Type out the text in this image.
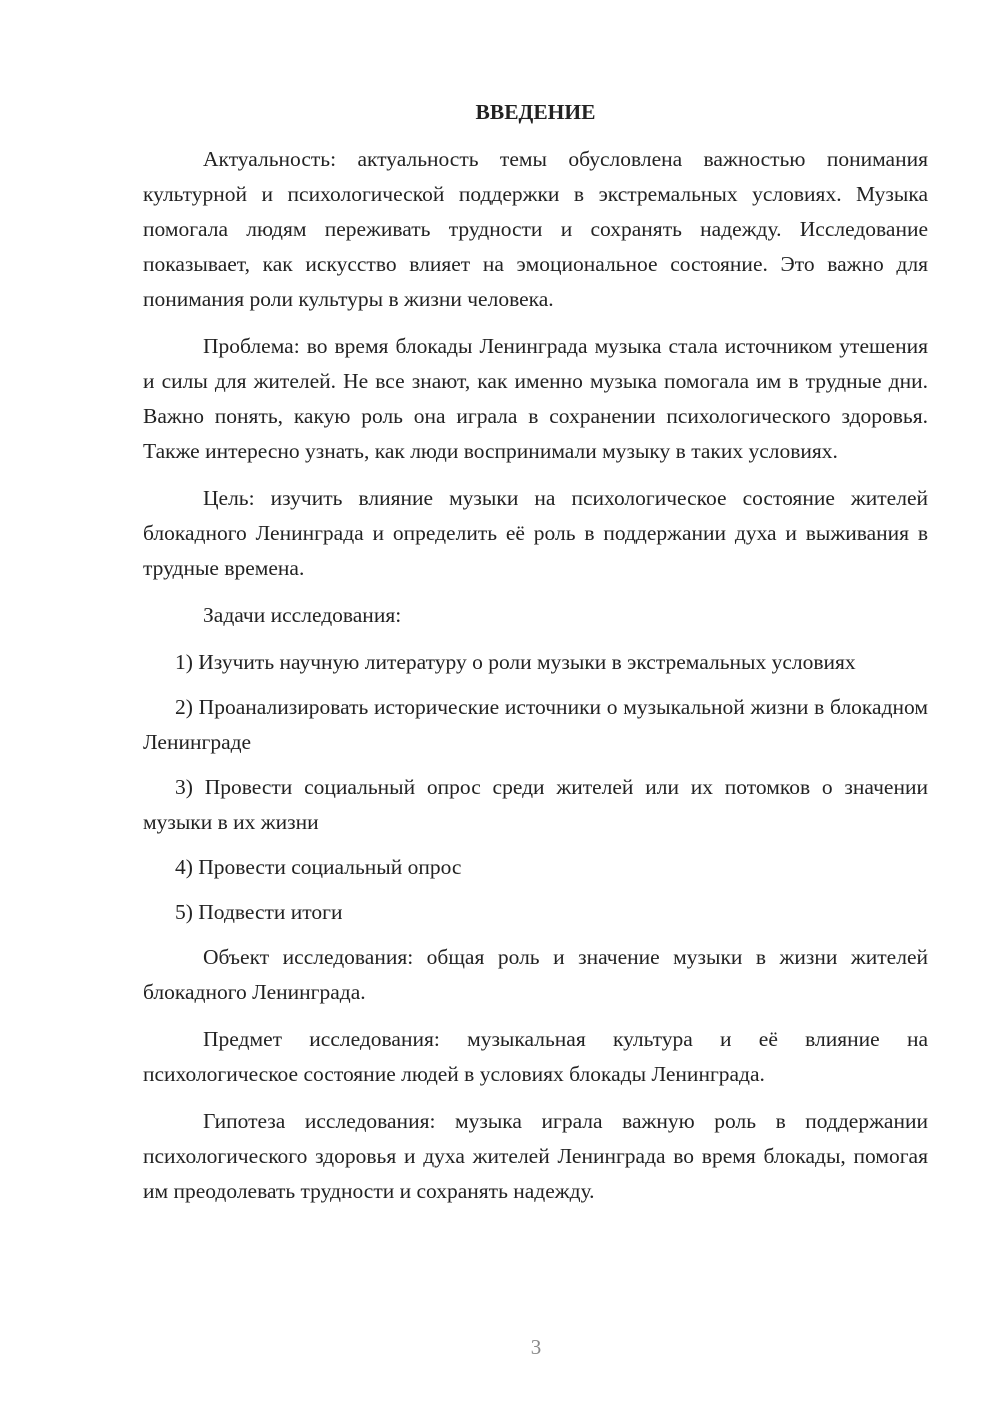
ВВЕДЕНИЕ

Актуальность: актуальность темы обусловлена важностью понимания культурной и психологической поддержки в экстремальных условиях. Музыка помогала людям переживать трудности и сохранять надежду. Исследование показывает, как искусство влияет на эмоциональное состояние. Это важно для понимания роли культуры в жизни человека.

Проблема: во время блокады Ленинграда музыка стала источником утешения и силы для жителей. Не все знают, как именно музыка помогала им в трудные дни. Важно понять, какую роль она играла в сохранении психологического здоровья. Также интересно узнать, как люди воспринимали музыку в таких условиях.

Цель: изучить влияние музыки на психологическое состояние жителей блокадного Ленинграда и определить её роль в поддержании духа и выживания в трудные времена.

Задачи исследования:

1) Изучить научную литературу о роли музыки в экстремальных условиях

2) Проанализировать исторические источники о музыкальной жизни в блокадном Ленинграде

3) Провести социальный опрос среди жителей или их потомков о значении музыки в их жизни

4) Провести социальный опрос

5) Подвести итоги

Объект исследования: общая роль и значение музыки в жизни жителей блокадного Ленинграда.

Предмет исследования: музыкальная культура и её влияние на психологическое состояние людей в условиях блокады Ленинграда.

Гипотеза исследования: музыка играла важную роль в поддержании психологического здоровья и духа жителей Ленинграда во время блокады, помогая им преодолевать трудности и сохранять надежду.

3
